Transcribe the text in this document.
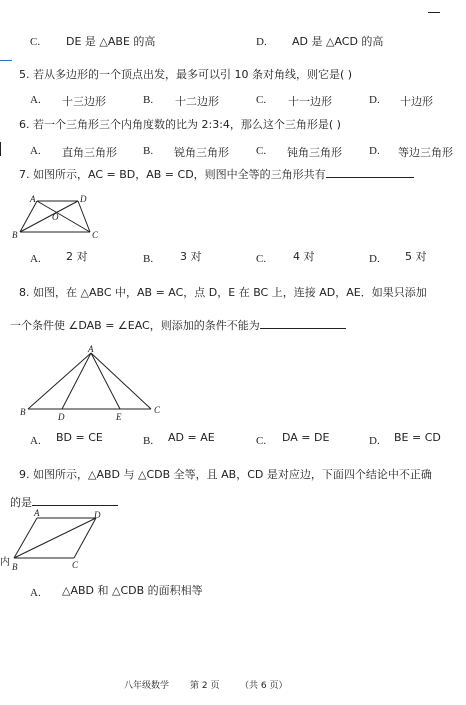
C. DE 是 △ABE 的高	D. AD 是 △ACD 的高
5. 若从多边形的一个顶点出发，最多可以引 10 条对角线，则它是( )
A. 十三边形	B. 十二边形	C. 十一边形	D. 十边形
6. 若一个三角形三个内角度数的比为 2:3:4，那么这个三角形是( )
A. 直角三角形 B. 锐角三角形 C. 钝角三角形 D. 等边三角形
7. 如图所示，AC = BD，AB = CD，则图中全等的三角形共有
A	D
O
B	C
A. 2 对	B. 3 对	C. 4 对	D. 5 对
8. 如图，在 △ABC 中，AB = AC，点 D，E 在 BC 上，连接 AD，AE．如果只添加
一个条件使 ∠DAB = ∠EAC，则添加的条件不能为
A
B	D	E
C
A. BD = CE	B. AD = AE	C. DA = DE	D. BE = CD
9. 如图所示，△ABD 与 △CDB 全等，且 AB，CD 是对应边，下面四个结论中不正确
的是
内
A	D
B	C
A. △ABD 和 △CDB 的面积相等
八年级数学 第 2 页 （共 6 页）
